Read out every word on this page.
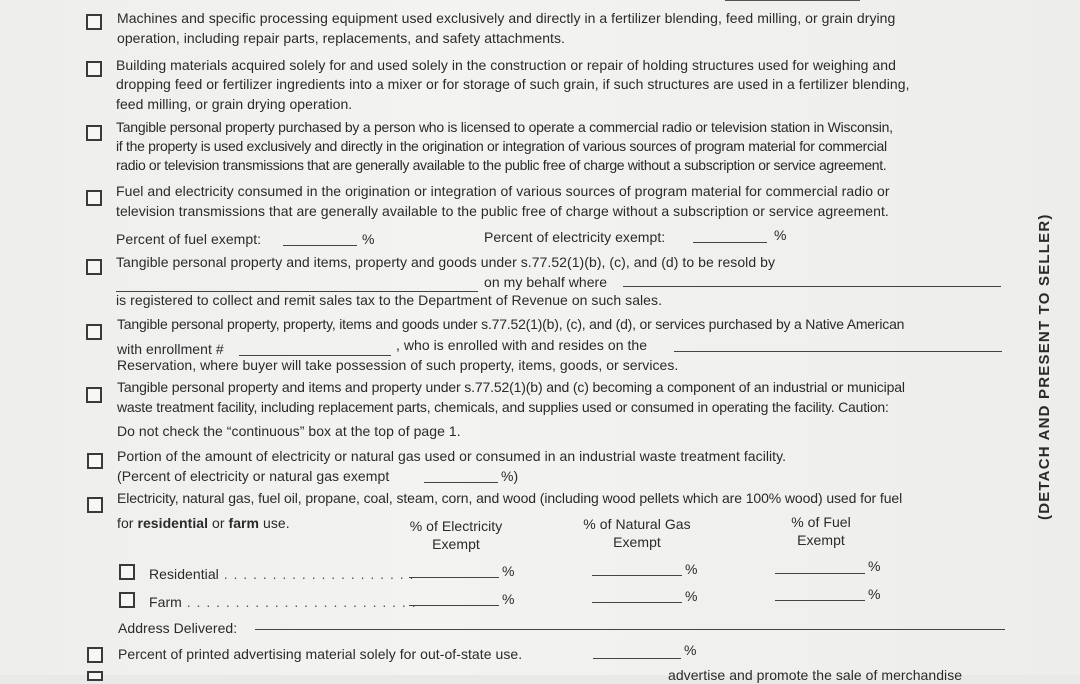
Machines and specific processing equipment used exclusively and directly in a fertilizer blending, feed milling, or grain drying
operation, including repair parts, replacements, and safety attachments.
Building materials acquired solely for and used solely in the construction or repair of holding structures used for weighing and
dropping feed or fertilizer ingredients into a mixer or for storage of such grain, if such structures are used in a fertilizer blending,
feed milling, or grain drying operation.
Tangible personal property purchased by a person who is licensed to operate a commercial radio or television station in Wisconsin,
if the property is used exclusively and directly in the origination or integration of various sources of program material for commercial
radio or television transmissions that are generally available to the public free of charge without a subscription or service agreement.
Fuel and electricity consumed in the origination or integration of various sources of program material for commercial radio or
television transmissions that are generally available to the public free of charge without a subscription or service agreement.
Percent of fuel exempt:	%	Percent of electricity exempt:	%
Tangible personal property and items, property and goods under s.77.52(1)(b), (c), and (d) to be resold by
on my behalf where
is registered to collect and remit sales tax to the Department of Revenue on such sales.
Tangible personal property, property, items and goods under s.77.52(1)(b), (c), and (d), or services purchased by a Native American
with enrollment #	, who is enrolled with and resides on the
Reservation, where buyer will take possession of such property, items, goods, or services.
Tangible personal property and items and property under s.77.52(1)(b) and (c) becoming a component of an industrial or municipal
waste treatment facility, including replacement parts, chemicals, and supplies used or consumed in operating the facility. Caution:
Do not check the “continuous” box at the top of page 1.
Portion of the amount of electricity or natural gas used or consumed in an industrial waste treatment facility.
(Percent of electricity or natural gas exempt	%)
Electricity, natural gas, fuel oil, propane, coal, steam, corn, and wood (including wood pellets which are 100% wood) used for fuel
for residential or farm use.	% of Electricity
Exempt
% of Natural Gas
Exempt
% of Fuel
Exempt
Residential . . . . . . . . . . . . . . . . . . . .	%	%	%
Farm . . . . . . . . . . . . . . . . . . . . . . . .	%	%	%
Address Delivered:
Percent of printed advertising material solely for out-of-state use.	%
advertise and promote the sale of merchandise
(DETACH AND PRESENT TO SELLER)
